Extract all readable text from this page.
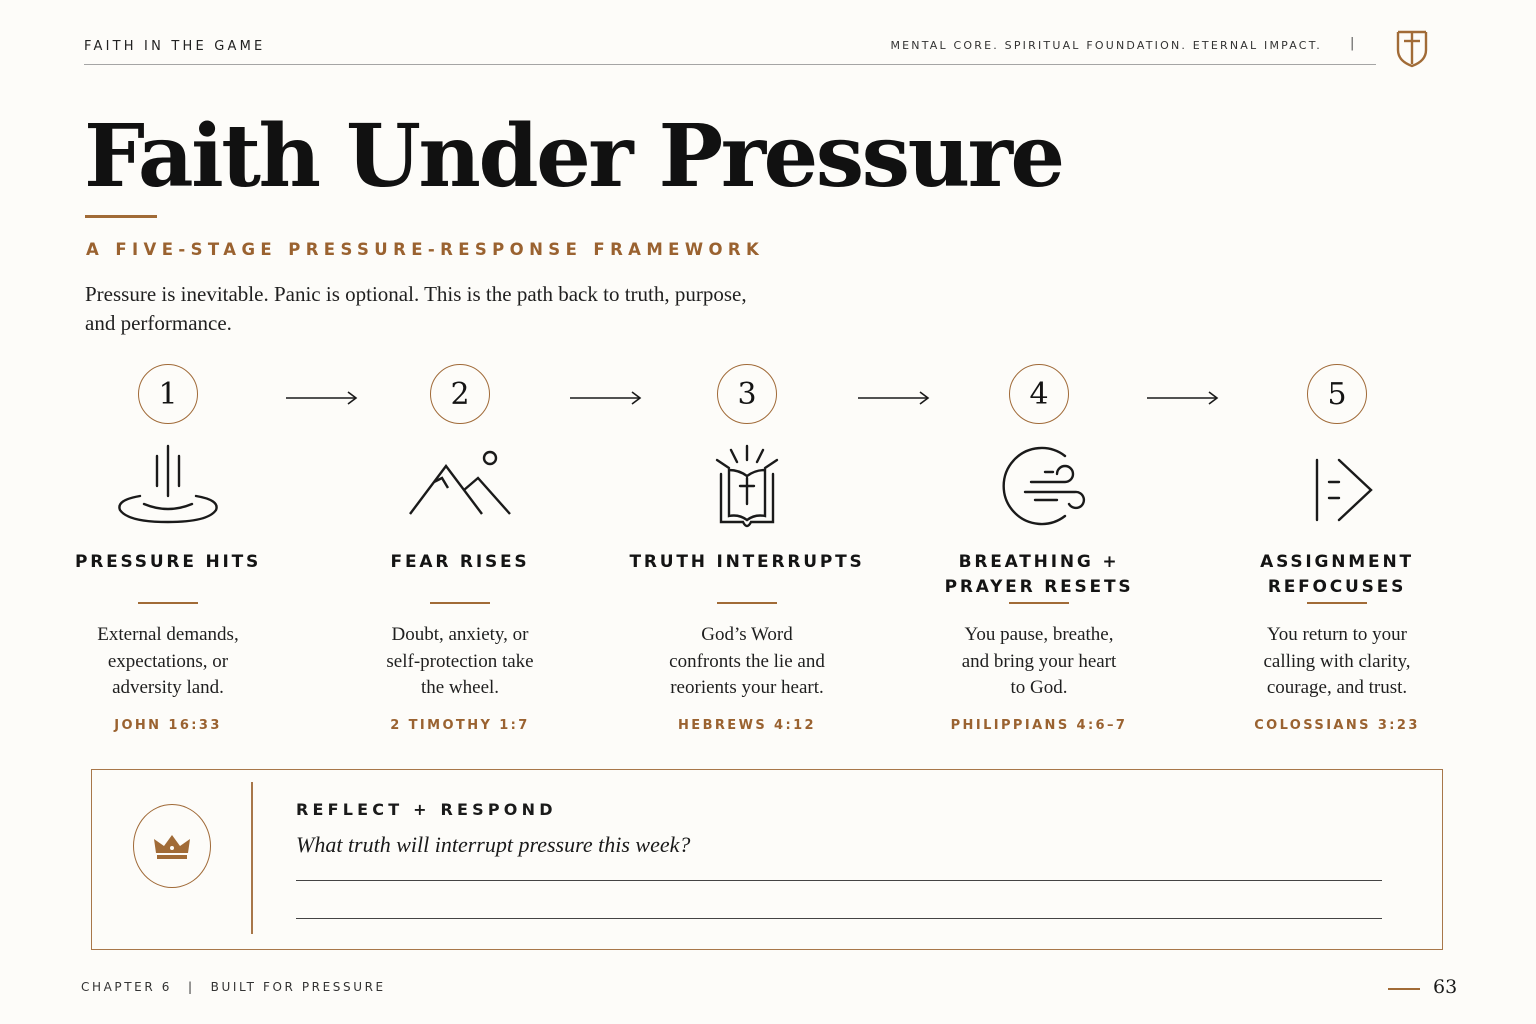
FAITH IN THE GAME	MENTAL CORE. SPIRITUAL FOUNDATION. ETERNAL IMPACT. |
Faith Under Pressure
A FIVE-STAGE PRESSURE-RESPONSE FRAMEWORK

Pressure is inevitable. Panic is optional. This is the path back to truth, purpose, and performance.

1
PRESSURE HITS

External demands, expectations, or adversity land.

JOHN 16:33
2
FEAR RISES

Doubt, anxiety, or self-protection take the wheel.

2 TIMOTHY 1:7
3
TRUTH INTERRUPTS

God’s Word confronts the lie and reorients your heart.

HEBREWS 4:12
4
BREATHING +
PRAYER RESETS

You pause, breathe, and bring your heart to God.

PHILIPPIANS 4:6–7
5
ASSIGNMENT
REFOCUSES

You return to your calling with clarity, courage, and trust.

COLOSSIANS 3:23
REFLECT + RESPOND
What truth will interrupt pressure this week?
CHAPTER 6 | BUILT FOR PRESSURE	63
